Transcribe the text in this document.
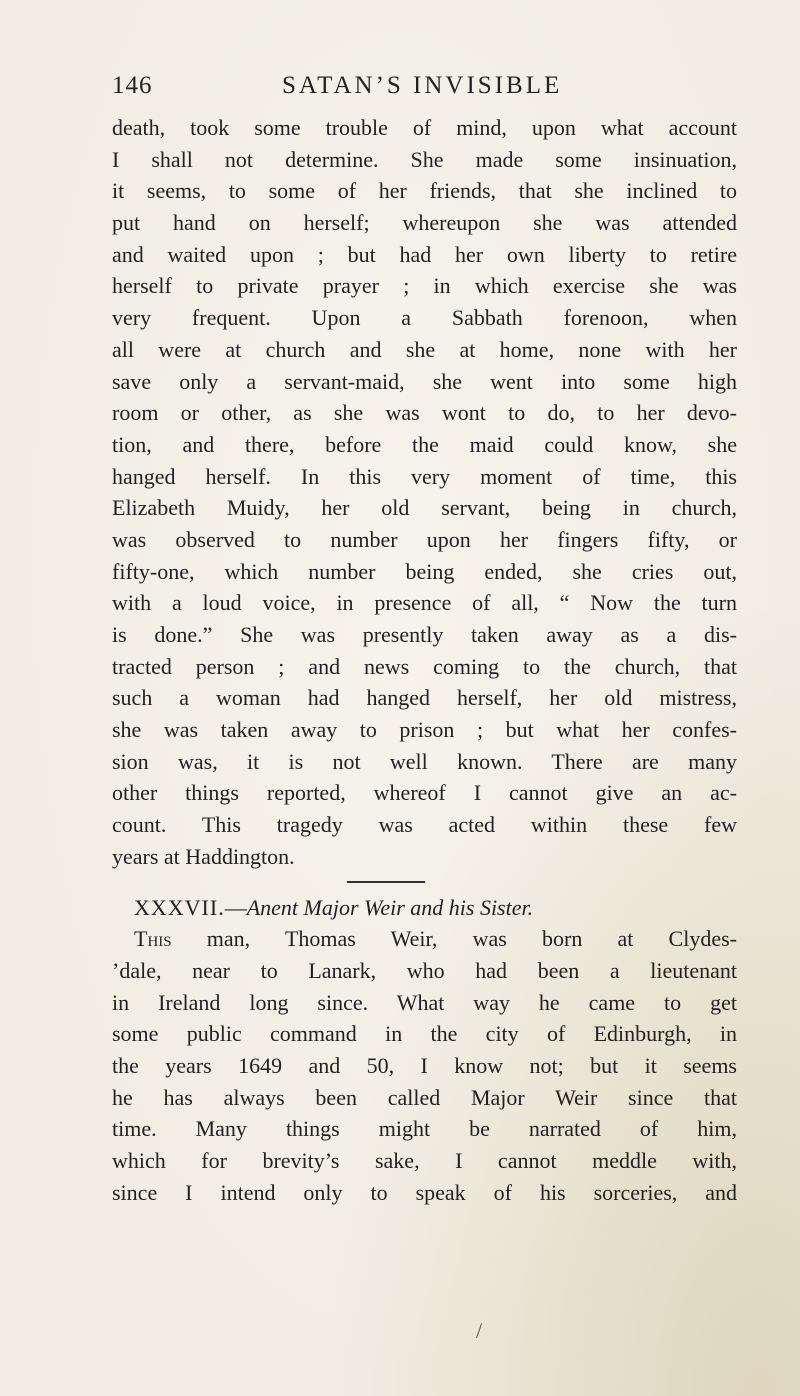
146	SATAN’S INVISIBLE
death, took some trouble of mind, upon what account
I shall not determine. She made some insinuation,
it seems, to some of her friends, that she inclined to
put hand on herself; whereupon she was attended
and waited upon ; but had her own liberty to retire
herself to private prayer ; in which exercise she was
very frequent. Upon a Sabbath forenoon, when
all were at church and she at home, none with her
save only a servant-maid, she went into some high
room or other, as she was wont to do, to her devo-
tion, and there, before the maid could know, she
hanged herself. In this very moment of time, this
Elizabeth Muidy, her old servant, being in church,
was observed to number upon her fingers fifty, or
fifty-one, which number being ended, she cries out,
with a loud voice, in presence of all, “ Now the turn
is done.” She was presently taken away as a dis-
tracted person ; and news coming to the church, that
such a woman had hanged herself, her old mistress,
she was taken away to prison ; but what her confes-
sion was, it is not well known. There are many
other things reported, whereof I cannot give an ac-
count. This tragedy was acted within these few
years at Haddington.
XXXVII.—Anent Major Weir and his Sister.
This man, Thomas Weir, was born at Clydes-
’dale, near to Lanark, who had been a lieutenant
in Ireland long since. What way he came to get
some public command in the city of Edinburgh, in
the years 1649 and 50, I know not; but it seems
he has always been called Major Weir since that
time. Many things might be narrated of him,
which for brevity’s sake, I cannot meddle with,
since I intend only to speak of his sorceries, and
/
